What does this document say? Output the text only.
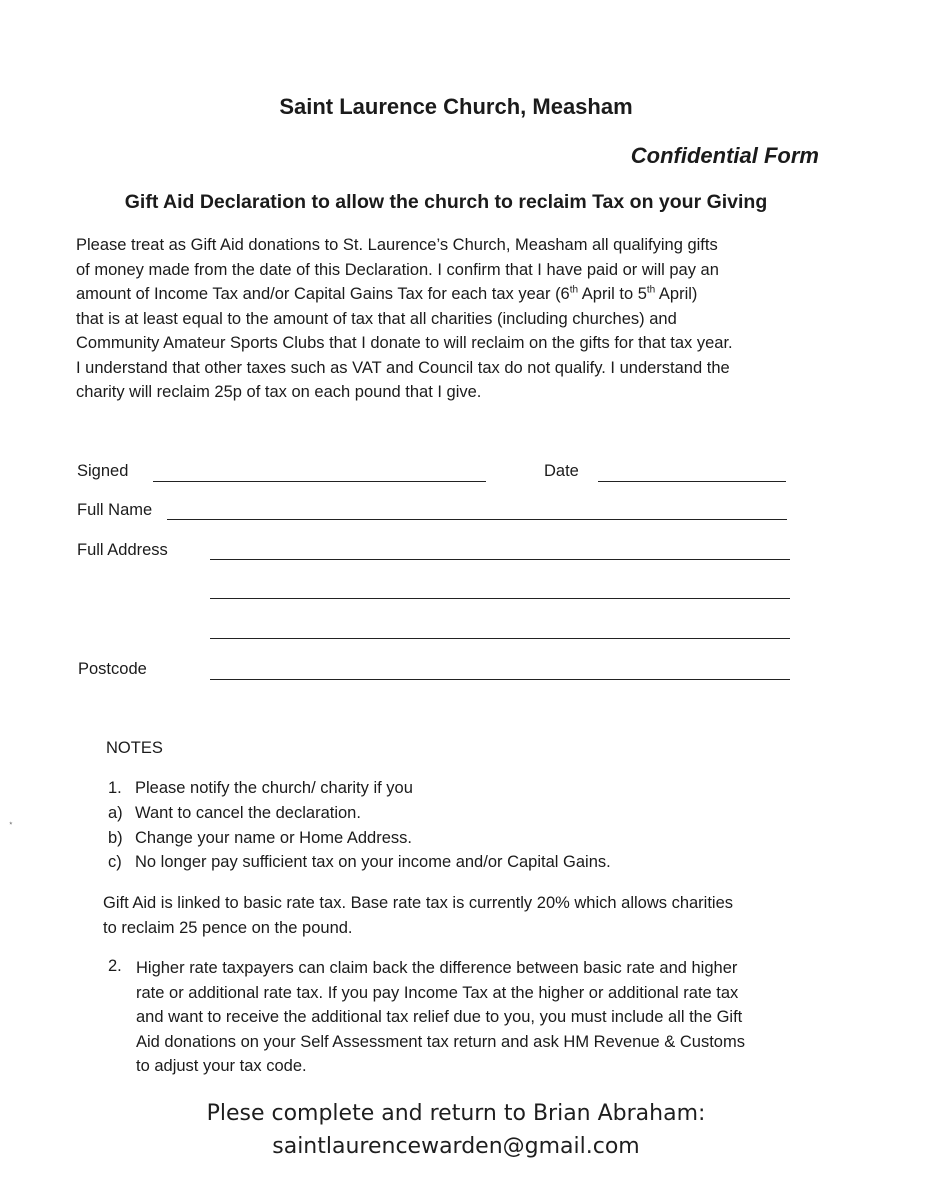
Saint Laurence Church, Measham
Confidential Form
Gift Aid Declaration to allow the church to reclaim Tax on your Giving
Please treat as Gift Aid donations to St. Laurence’s Church, Measham all qualifying gifts
of money made from the date of this Declaration. I confirm that I have paid or will pay an
amount of Income Tax and/or Capital Gains Tax for each tax year (6th April to 5th April)
that is at least equal to the amount of tax that all charities (including churches) and
Community Amateur Sports Clubs that I donate to will reclaim on the gifts for that tax year.
I understand that other taxes such as VAT and Council tax do not qualify. I understand the
charity will reclaim 25p of tax on each pound that I give.
Signed	Date
Full Name
Full Address
Postcode
NOTES
1. Please notify the church/ charity if you
a) Want to cancel the declaration.
b) Change your name or Home Address.
c) No longer pay sufficient tax on your income and/or Capital Gains.
Gift Aid is linked to basic rate tax. Base rate tax is currently 20% which allows charities
to reclaim 25 pence on the pound.
2. Higher rate taxpayers can claim back the difference between basic rate and higher
rate or additional rate tax. If you pay Income Tax at the higher or additional rate tax
and want to receive the additional tax relief due to you, you must include all the Gift
Aid donations on your Self Assessment tax return and ask HM Revenue & Customs
to adjust your tax code.
Plese complete and return to Brian Abraham:
saintlaurencewarden@gmail.com
⋆
